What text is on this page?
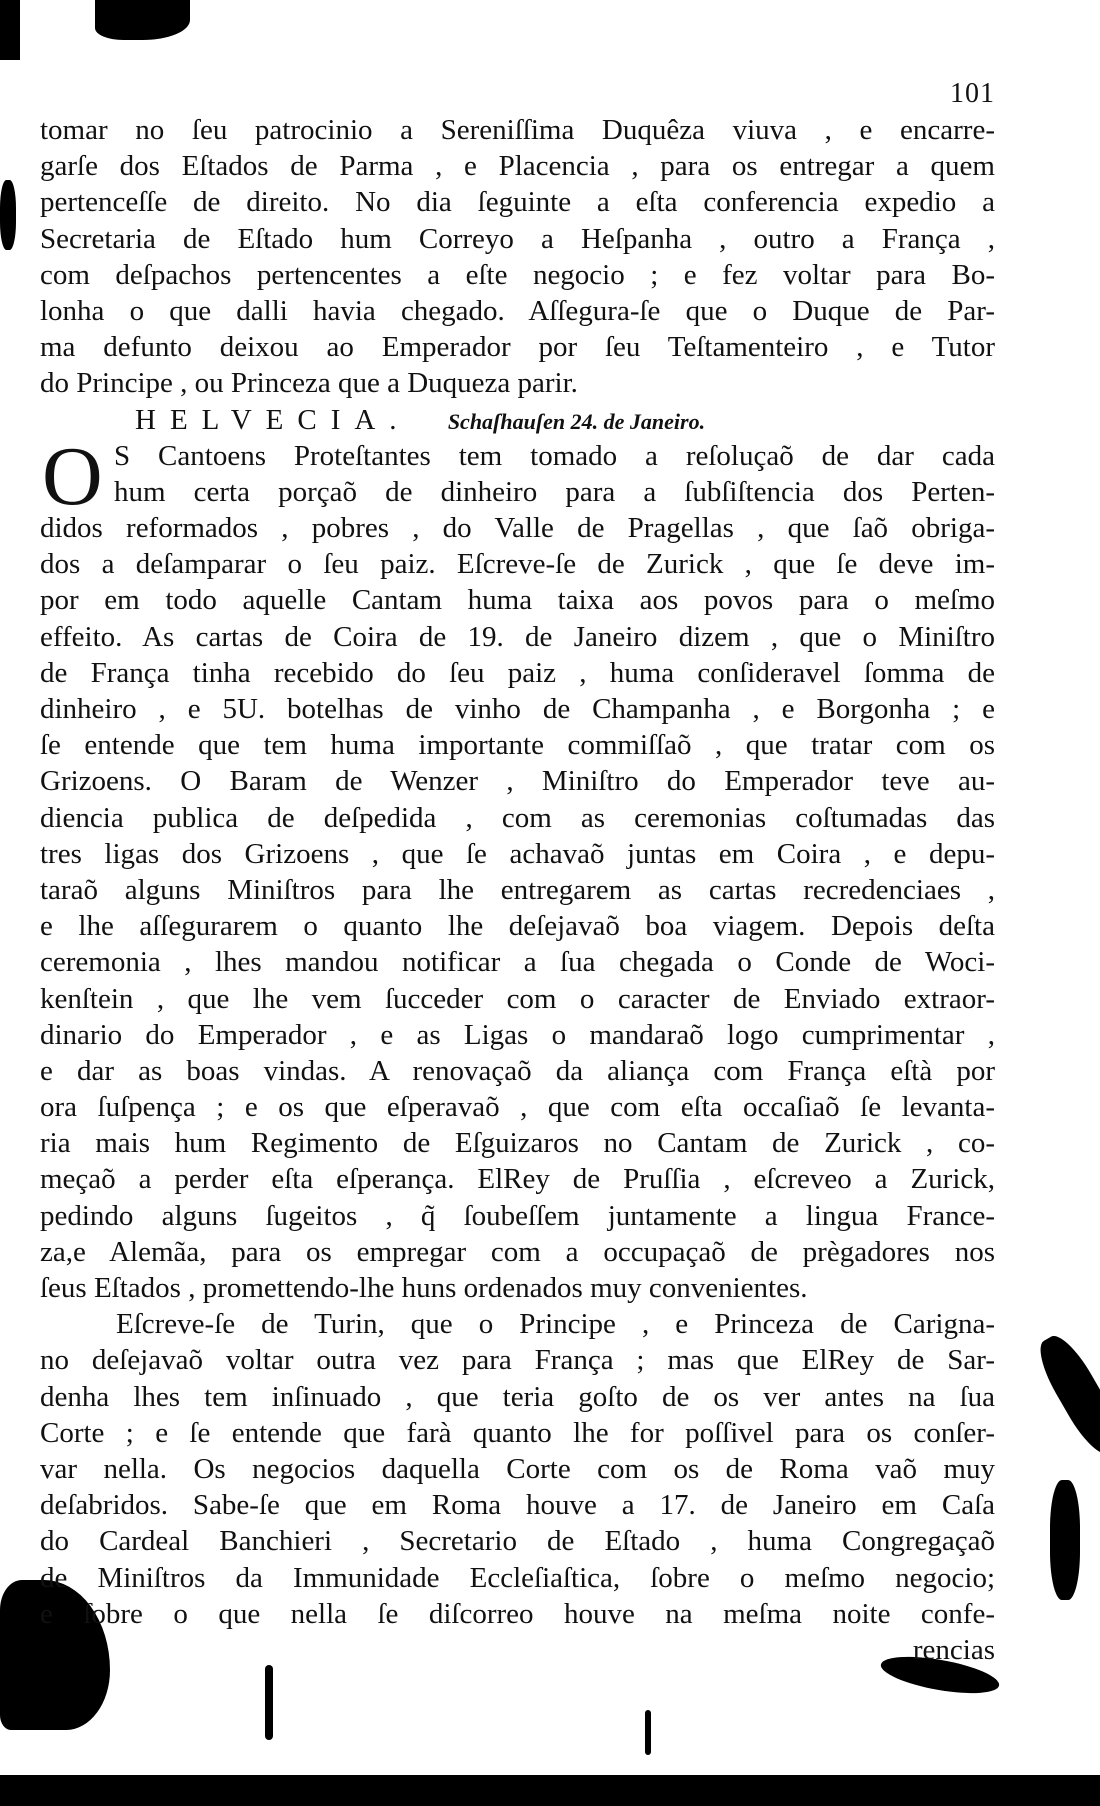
101
tomar no ſeu patrocinio a Sereniſſima Duquêza viuva , e encarre-
garſe dos Eſtados de Parma , e Placencia , para os entregar a quem
pertenceſſe de direito. No dia ſeguinte a eſta conferencia expedio a
Secretaria de Eſtado hum Correyo a Heſpanha , outro a França ,
com deſpachos pertencentes a eſte negocio ; e fez voltar para Bo-
lonha o que dalli havia chegado. Aſſegura-ſe que o Duque de Par-
ma defunto deixou ao Emperador por ſeu Teſtamenteiro , e Tutor
do Principe , ou Princeza que a Duqueza parir.
HELVECIA. Schaſhauſen 24. de Janeiro.
O S Cantoens Proteſtantes tem tomado a reſoluçaõ de dar cada
hum certa porçaõ de dinheiro para a ſubſiſtencia dos Perten-
didos reformados , pobres , do Valle de Pragellas , que ſaõ obriga-
dos a deſamparar o ſeu paiz. Eſcreve-ſe de Zurick , que ſe deve im-
por em todo aquelle Cantam huma taixa aos povos para o meſmo
effeito. As cartas de Coira de 19. de Janeiro dizem , que o Miniſtro
de França tinha recebido do ſeu paiz , huma conſideravel ſomma de
dinheiro , e 5U. botelhas de vinho de Champanha , e Borgonha ; e
ſe entende que tem huma importante commiſſaõ , que tratar com os
Grizoens. O Baram de Wenzer , Miniſtro do Emperador teve au-
diencia publica de deſpedida , com as ceremonias coſtumadas das
tres ligas dos Grizoens , que ſe achavaõ juntas em Coira , e depu-
taraõ alguns Miniſtros para lhe entregarem as cartas recredenciaes ,
e lhe aſſegurarem o quanto lhe deſejavaõ boa viagem. Depois deſta
ceremonia , lhes mandou notificar a ſua chegada o Conde de Woci-
kenſtein , que lhe vem ſucceder com o caracter de Enviado extraor-
dinario do Emperador , e as Ligas o mandaraõ logo cumprimentar ,
e dar as boas vindas. A renovaçaõ da aliança com França eſtà por
ora ſuſpença ; e os que eſperavaõ , que com eſta occaſiaõ ſe levanta-
ria mais hum Regimento de Eſguizaros no Cantam de Zurick , co-
meçaõ a perder eſta eſperança. ElRey de Pruſſia , eſcreveo a Zurick,
pedindo alguns ſugeitos , q̃ ſoubeſſem juntamente a lingua France-
za,e Alemãa, para os empregar com a occupaçaõ de prègadores nos
ſeus Eſtados , promettendo-lhe huns ordenados muy convenientes.
Eſcreve-ſe de Turin, que o Principe , e Princeza de Carigna-
no deſejavaõ voltar outra vez para França ; mas que ElRey de Sar-
denha lhes tem inſinuado , que teria goſto de os ver antes na ſua
Corte ; e ſe entende que farà quanto lhe for poſſivel para os conſer-
var nella. Os negocios daquella Corte com os de Roma vaõ muy
deſabridos. Sabe-ſe que em Roma houve a 17. de Janeiro em Caſa
do Cardeal Banchieri , Secretario de Eſtado , huma Congregaçaõ
de Miniſtros da Immunidade Eccleſiaſtica, ſobre o meſmo negocio;
e ſobre o que nella ſe diſcorreo houve na meſma noite confe-
rencias
